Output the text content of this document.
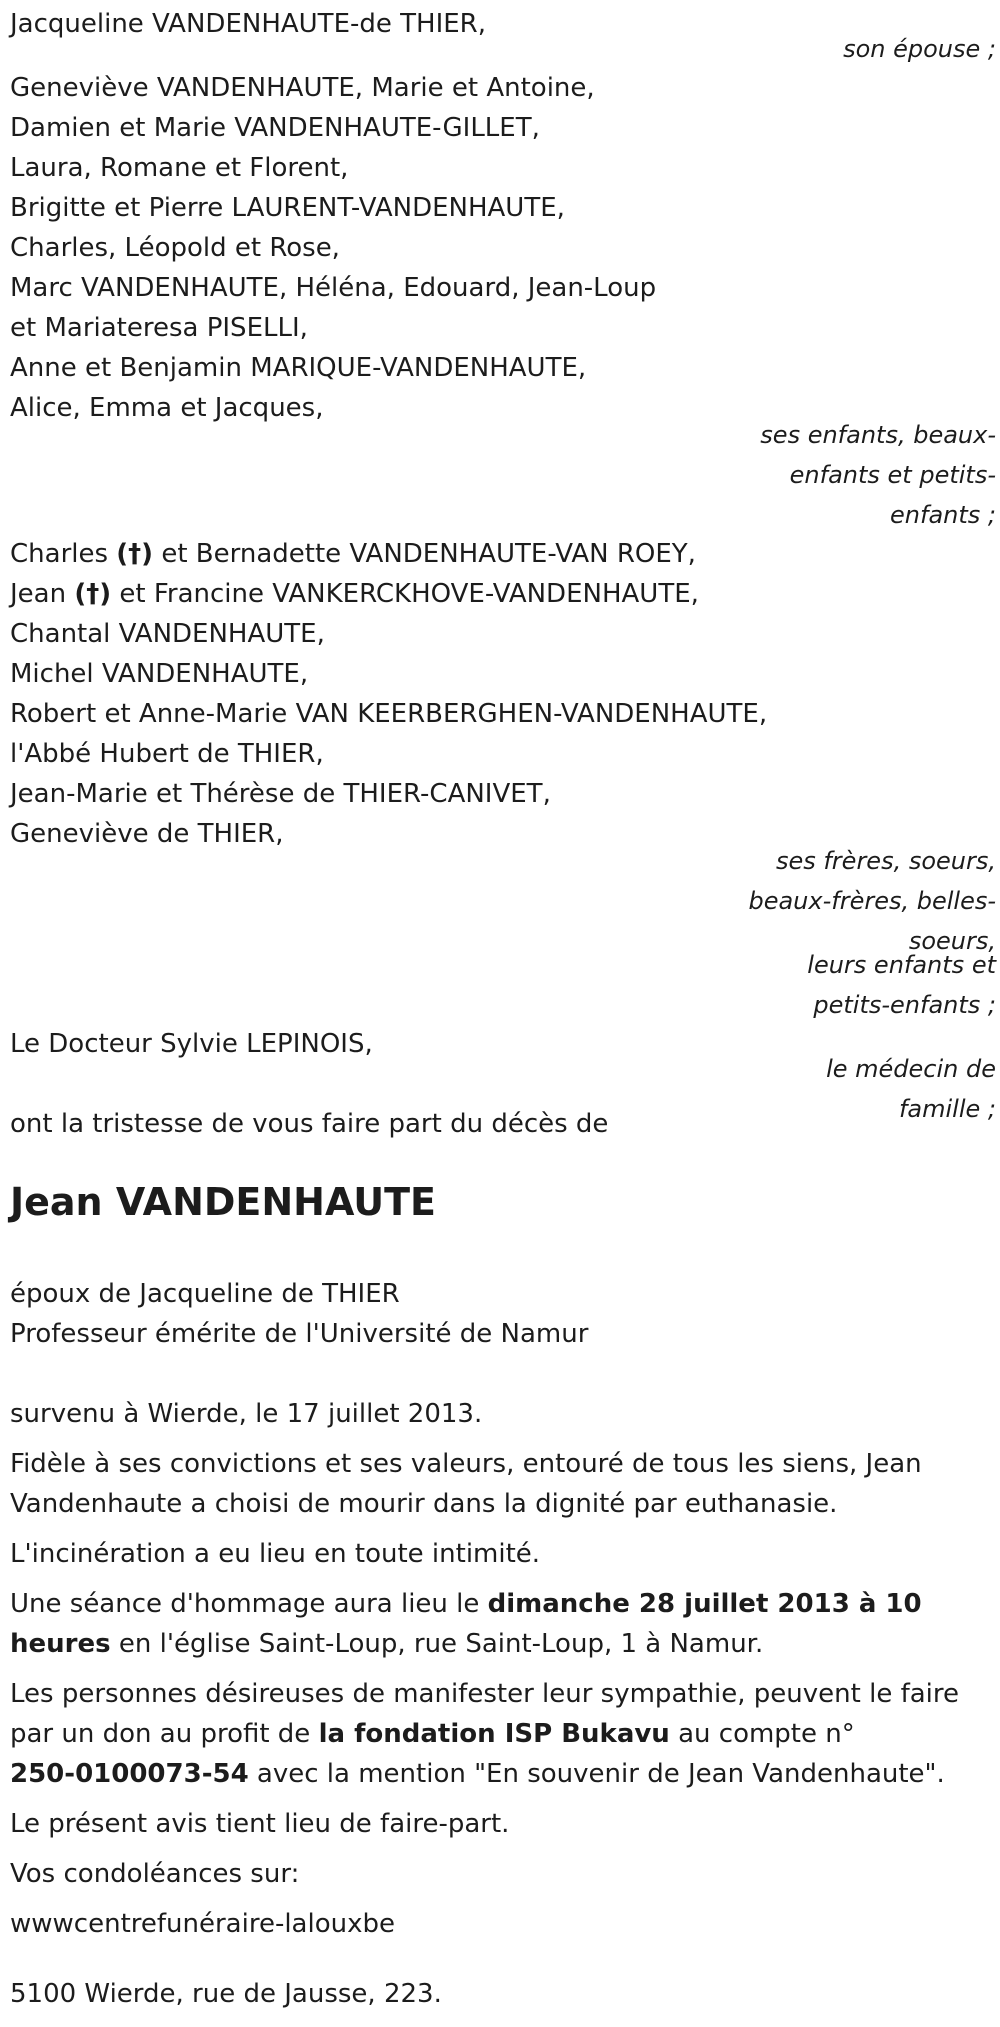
Jacqueline VANDENHAUTE-de THIER,
son épouse ;
Geneviève VANDENHAUTE, Marie et Antoine,
Damien et Marie VANDENHAUTE-GILLET,
Laura, Romane et Florent,
Brigitte et Pierre LAURENT-VANDENHAUTE,
Charles, Léopold et Rose,
Marc VANDENHAUTE, Héléna, Edouard, Jean-Loup
et Mariateresa PISELLI,
Anne et Benjamin MARIQUE-VANDENHAUTE,
Alice, Emma et Jacques,
ses enfants, beaux-
enfants et petits-
enfants ;
Charles (†) et Bernadette VANDENHAUTE-VAN ROEY,
Jean (†) et Francine VANKERCKHOVE-VANDENHAUTE,
Chantal VANDENHAUTE,
Michel VANDENHAUTE,
Robert et Anne-Marie VAN KEERBERGHEN-VANDENHAUTE,
l'Abbé Hubert de THIER,
Jean-Marie et Thérèse de THIER-CANIVET,
Geneviève de THIER,
ses frères, soeurs,
beaux-frères, belles-
soeurs,
leurs enfants et
petits-enfants ;
Le Docteur Sylvie LEPINOIS,
le médecin de
famille ;
ont la tristesse de vous faire part du décès de
Jean VANDENHAUTE
époux de Jacqueline de THIER
Professeur émérite de l'Université de Namur
survenu à Wierde, le 17 juillet 2013.
Fidèle à ses convictions et ses valeurs, entouré de tous les siens, Jean
Vandenhaute a choisi de mourir dans la dignité par euthanasie.
L'incinération a eu lieu en toute intimité.
Une séance d'hommage aura lieu le dimanche 28 juillet 2013 à 10
heures en l'église Saint-Loup, rue Saint-Loup, 1 à Namur.
Les personnes désireuses de manifester leur sympathie, peuvent le faire
par un don au profit de la fondation ISP Bukavu au compte n°
250-0100073-54 avec la mention "En souvenir de Jean Vandenhaute".
Le présent avis tient lieu de faire-part.
Vos condoléances sur:
wwwcentrefunéraire-lalouxbe
5100 Wierde, rue de Jausse, 223.
